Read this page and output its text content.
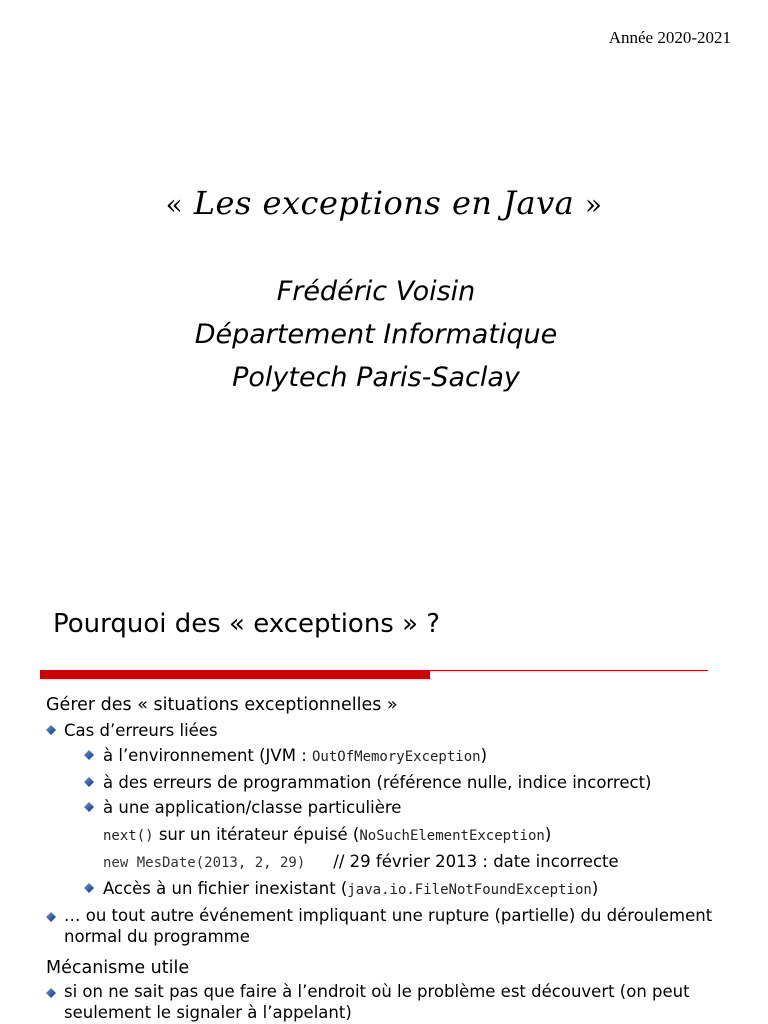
Année 2020-2021
« Les exceptions en Java »
Frédéric Voisin
Département Informatique
Polytech Paris-Saclay
Pourquoi des « exceptions » ?
Gérer des « situations exceptionnelles »
Cas d’erreurs liées
à l’environnement (JVM : OutOfMemoryException)
à des erreurs de programmation (référence nulle, indice incorrect)
à une application/classe particulière
next() sur un itérateur épuisé (NoSuchElementException)
new MesDate(2013, 2, 29) // 29 février 2013 : date incorrecte
Accès à un fichier inexistant (java.io.FileNotFoundException)
… ou tout autre événement impliquant une rupture (partielle) du déroulement normal du programme
Mécanisme utile
si on ne sait pas que faire à l’endroit où le problème est découvert (on peut seulement le signaler à l’appelant)
